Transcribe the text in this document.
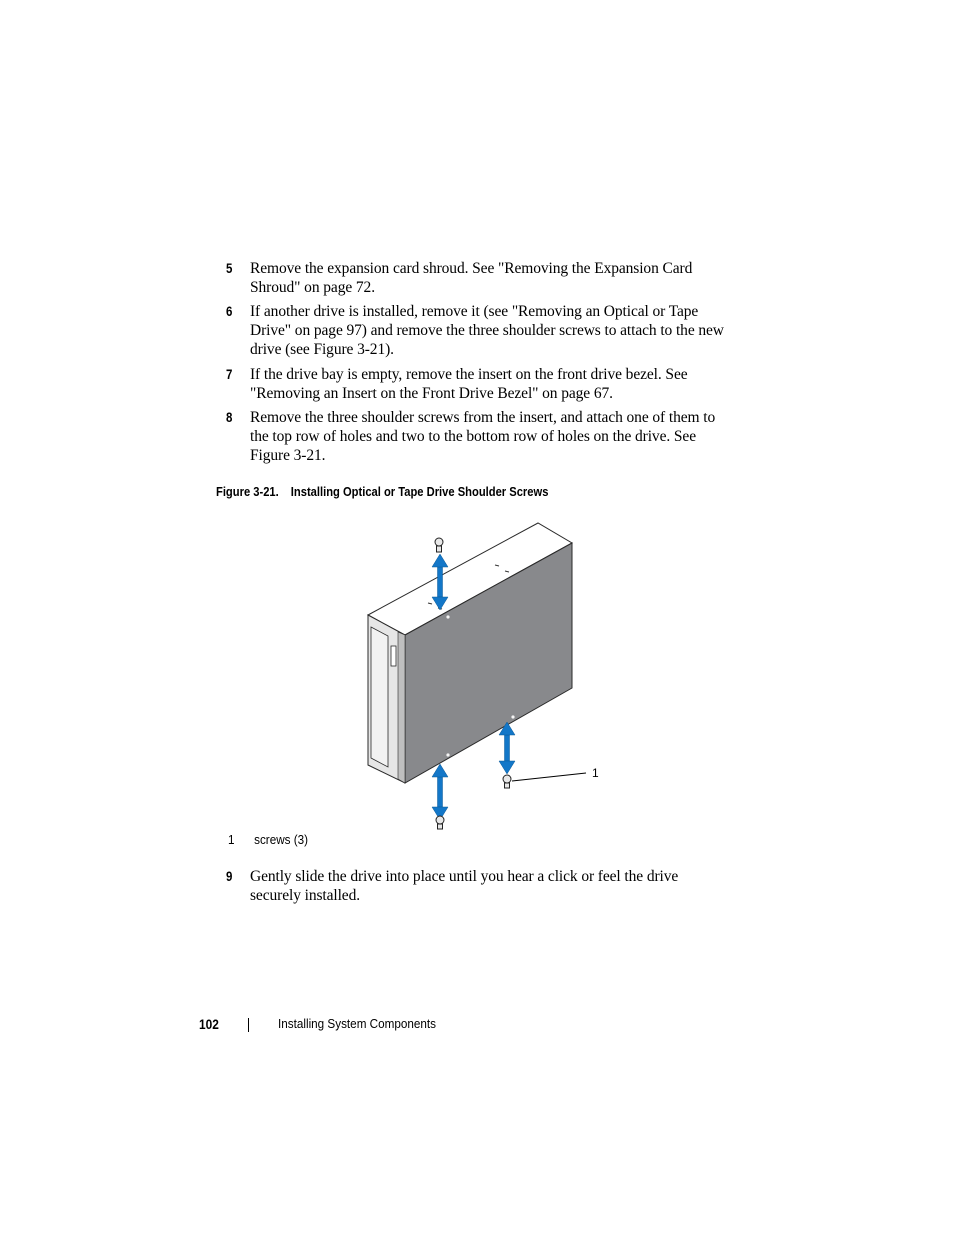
5 Remove the expansion card shroud. See "Removing the Expansion Card Shroud" on page 72.
6 If another drive is installed, remove it (see "Removing an Optical or Tape Drive" on page 97) and remove the three shoulder screws to attach to the new drive (see Figure 3-21).
7 If the drive bay is empty, remove the insert on the front drive bezel. See "Removing an Insert on the Front Drive Bezel" on page 67.
8 Remove the three shoulder screws from the insert, and attach one of them to the top row of holes and two to the bottom row of holes on the drive. See Figure 3-21.
Figure 3-21. Installing Optical or Tape Drive Shoulder Screws
1
1 screws (3)
9 Gently slide the drive into place until you hear a click or feel the drive securely installed.
102	Installing System Components
